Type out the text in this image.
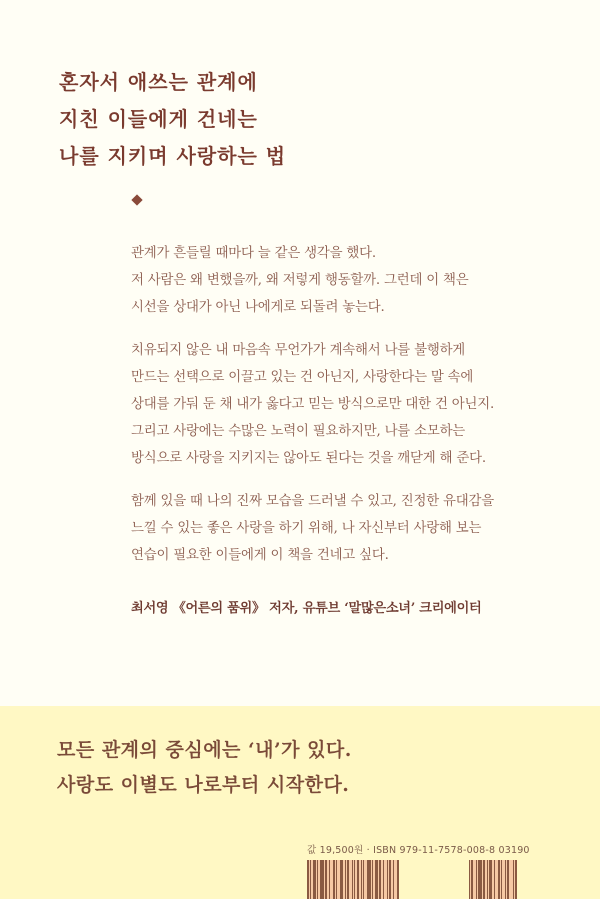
혼자서 애쓰는 관계에
지친 이들에게 건네는
나를 지키며 사랑하는 법

관계가 흔들릴 때마다 늘 같은 생각을 했다.
저 사람은 왜 변했을까, 왜 저렇게 행동할까. 그런데 이 책은
시선을 상대가 아닌 나에게로 되돌려 놓는다.

치유되지 않은 내 마음속 무언가가 계속해서 나를 불행하게
만드는 선택으로 이끌고 있는 건 아닌지, 사랑한다는 말 속에
상대를 가둬 둔 채 내가 옳다고 믿는 방식으로만 대한 건 아닌지.
그리고 사랑에는 수많은 노력이 필요하지만, 나를 소모하는
방식으로 사랑을 지키지는 않아도 된다는 것을 깨닫게 해 준다.

함께 있을 때 나의 진짜 모습을 드러낼 수 있고, 진정한 유대감을
느낄 수 있는 좋은 사랑을 하기 위해, 나 자신부터 사랑해 보는
연습이 필요한 이들에게 이 책을 건네고 싶다.

최서영 《어른의 품위》 저자, 유튜브 ‘말많은소녀’ 크리에이터
모든 관계의 중심에는 ‘내’가 있다.
사랑도 이별도 나로부터 시작한다.
값 19,500원 · ISBN 979-11-7578-008-8 03190
